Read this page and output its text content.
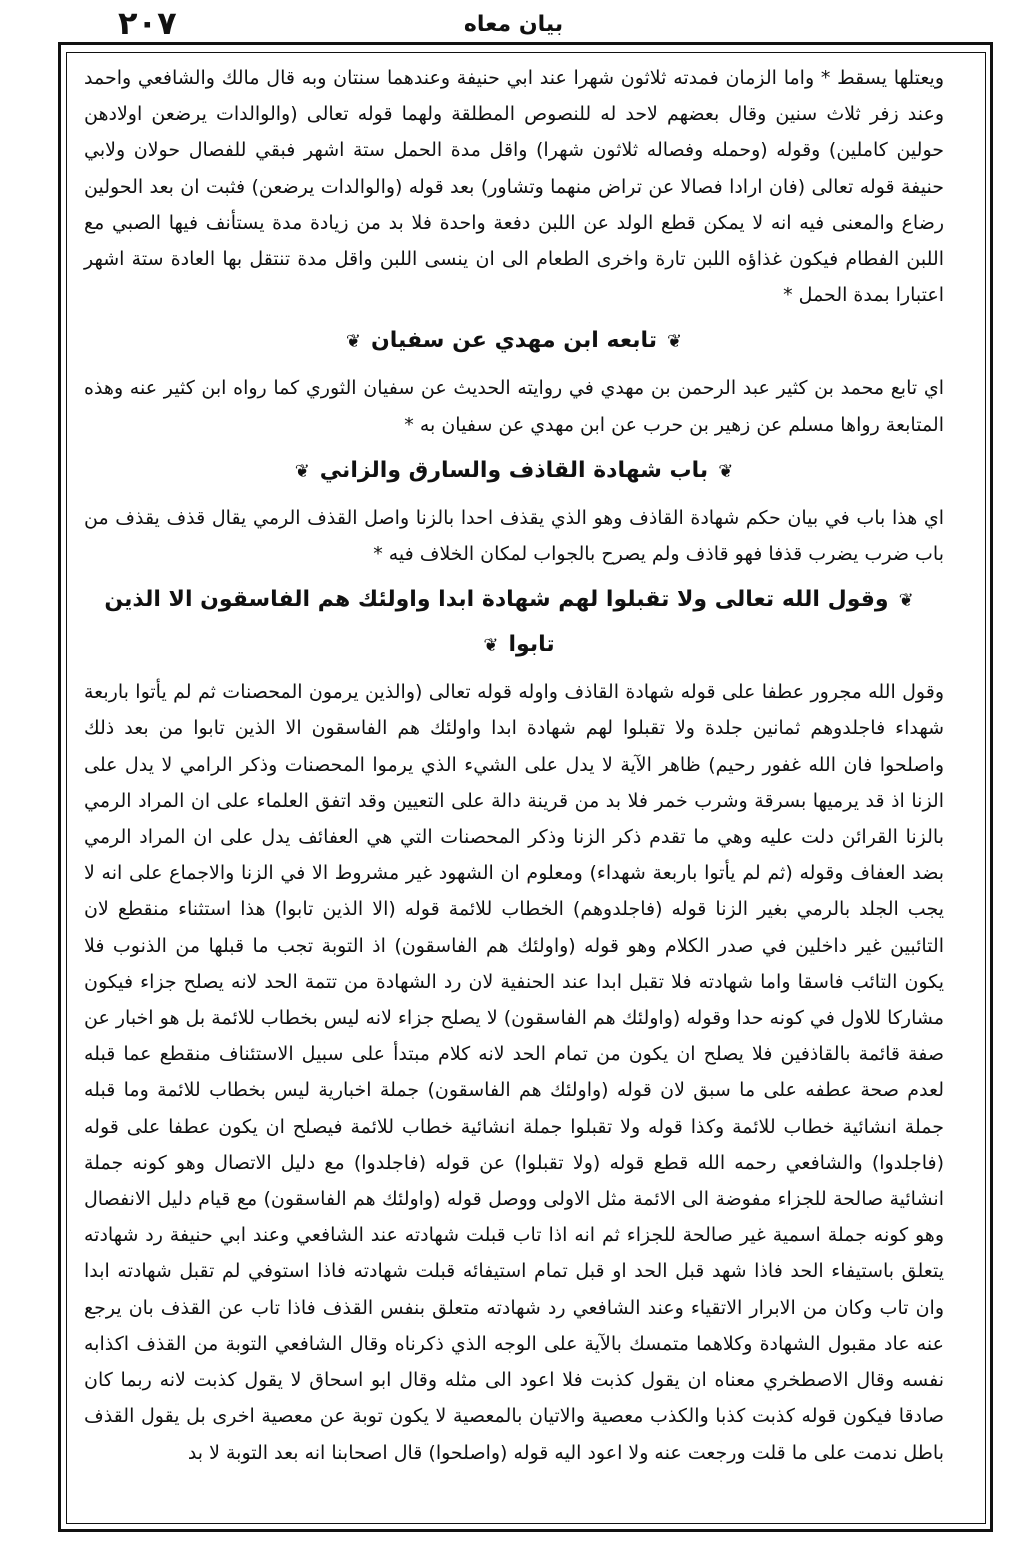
٢٠٧	بيان معاه

ويعتلها يسقط * واما الزمان فمدته ثلاثون شهرا عند ابي حنيفة وعندهما سنتان وبه قال مالك والشافعي واحمد وعند زفر ثلاث سنين وقال بعضهم لاحد له للنصوص المطلقة ولهما قوله تعالى (والوالدات يرضعن اولادهن حولين كاملين) وقوله (وحمله وفصاله ثلاثون شهرا) واقل مدة الحمل ستة اشهر فبقي للفصال حولان ولابي حنيفة قوله تعالى (فان ارادا فصالا عن تراض منهما وتشاور) بعد قوله (والوالدات يرضعن) فثبت ان بعد الحولين رضاع والمعنى فيه انه لا يمكن قطع الولد عن اللبن دفعة واحدة فلا بد من زيادة مدة يستأنف فيها الصبي مع اللبن الفطام فيكون غذاؤه اللبن تارة واخرى الطعام الى ان ينسى اللبن واقل مدة تنتقل بها العادة ستة اشهر اعتبارا بمدة الحمل *

❦تابعه ابن مهدي عن سفيان❦

اي تابع محمد بن كثير عبد الرحمن بن مهدي في روايته الحديث عن سفيان الثوري كما رواه ابن كثير عنه وهذه المتابعة رواها مسلم عن زهير بن حرب عن ابن مهدي عن سفيان به *

❦باب شهادة القاذف والسارق والزاني❦

اي هذا باب في بيان حكم شهادة القاذف وهو الذي يقذف احدا بالزنا واصل القذف الرمي يقال قذف يقذف من باب ضرب يضرب قذفا فهو قاذف ولم يصرح بالجواب لمكان الخلاف فيه *

❦وقول الله تعالى ولا تقبلوا لهم شهادة ابدا واولئك هم الفاسقون الا الذين تابوا❦

وقول الله مجرور عطفا على قوله شهادة القاذف واوله قوله تعالى (والذين يرمون المحصنات ثم لم يأتوا باربعة شهداء فاجلدوهم ثمانين جلدة ولا تقبلوا لهم شهادة ابدا واولئك هم الفاسقون الا الذين تابوا من بعد ذلك واصلحوا فان الله غفور رحيم) ظاهر الآية لا يدل على الشيء الذي يرموا المحصنات وذكر الرامي لا يدل على الزنا اذ قد يرميها بسرقة وشرب خمر فلا بد من قرينة دالة على التعيين وقد اتفق العلماء على ان المراد الرمي بالزنا القرائن دلت عليه وهي ما تقدم ذكر الزنا وذكر المحصنات التي هي العفائف يدل على ان المراد الرمي بضد العفاف وقوله (ثم لم يأتوا باربعة شهداء) ومعلوم ان الشهود غير مشروط الا في الزنا والاجماع على انه لا يجب الجلد بالرمي بغير الزنا قوله (فاجلدوهم) الخطاب للائمة قوله (الا الذين تابوا) هذا استثناء منقطع لان التائبين غير داخلين في صدر الكلام وهو قوله (واولئك هم الفاسقون) اذ التوبة تجب ما قبلها من الذنوب فلا يكون التائب فاسقا واما شهادته فلا تقبل ابدا عند الحنفية لان رد الشهادة من تتمة الحد لانه يصلح جزاء فيكون مشاركا للاول في كونه حدا وقوله (واولئك هم الفاسقون) لا يصلح جزاء لانه ليس بخطاب للائمة بل هو اخبار عن صفة قائمة بالقاذفين فلا يصلح ان يكون من تمام الحد لانه كلام مبتدأ على سبيل الاستئناف منقطع عما قبله لعدم صحة عطفه على ما سبق لان قوله (واولئك هم الفاسقون) جملة اخبارية ليس بخطاب للائمة وما قبله جملة انشائية خطاب للائمة وكذا قوله ولا تقبلوا جملة انشائية خطاب للائمة فيصلح ان يكون عطفا على قوله (فاجلدوا) والشافعي رحمه الله قطع قوله (ولا تقبلوا) عن قوله (فاجلدوا) مع دليل الاتصال وهو كونه جملة انشائية صالحة للجزاء مفوضة الى الائمة مثل الاولى ووصل قوله (واولئك هم الفاسقون) مع قيام دليل الانفصال وهو كونه جملة اسمية غير صالحة للجزاء ثم انه اذا تاب قبلت شهادته عند الشافعي وعند ابي حنيفة رد شهادته يتعلق باستيفاء الحد فاذا شهد قبل الحد او قبل تمام استيفائه قبلت شهادته فاذا استوفي لم تقبل شهادته ابدا وان تاب وكان من الابرار الاتقياء وعند الشافعي رد شهادته متعلق بنفس القذف فاذا تاب عن القذف بان يرجع عنه عاد مقبول الشهادة وكلاهما متمسك بالآية على الوجه الذي ذكرناه وقال الشافعي التوبة من القذف اكذابه نفسه وقال الاصطخري معناه ان يقول كذبت فلا اعود الى مثله وقال ابو اسحاق لا يقول كذبت لانه ربما كان صادقا فيكون قوله كذبت كذبا والكذب معصية والاتيان بالمعصية لا يكون توبة عن معصية اخرى بل يقول القذف باطل ندمت على ما قلت ورجعت عنه ولا اعود اليه قوله (واصلحوا) قال اصحابنا انه بعد التوبة لا بد
